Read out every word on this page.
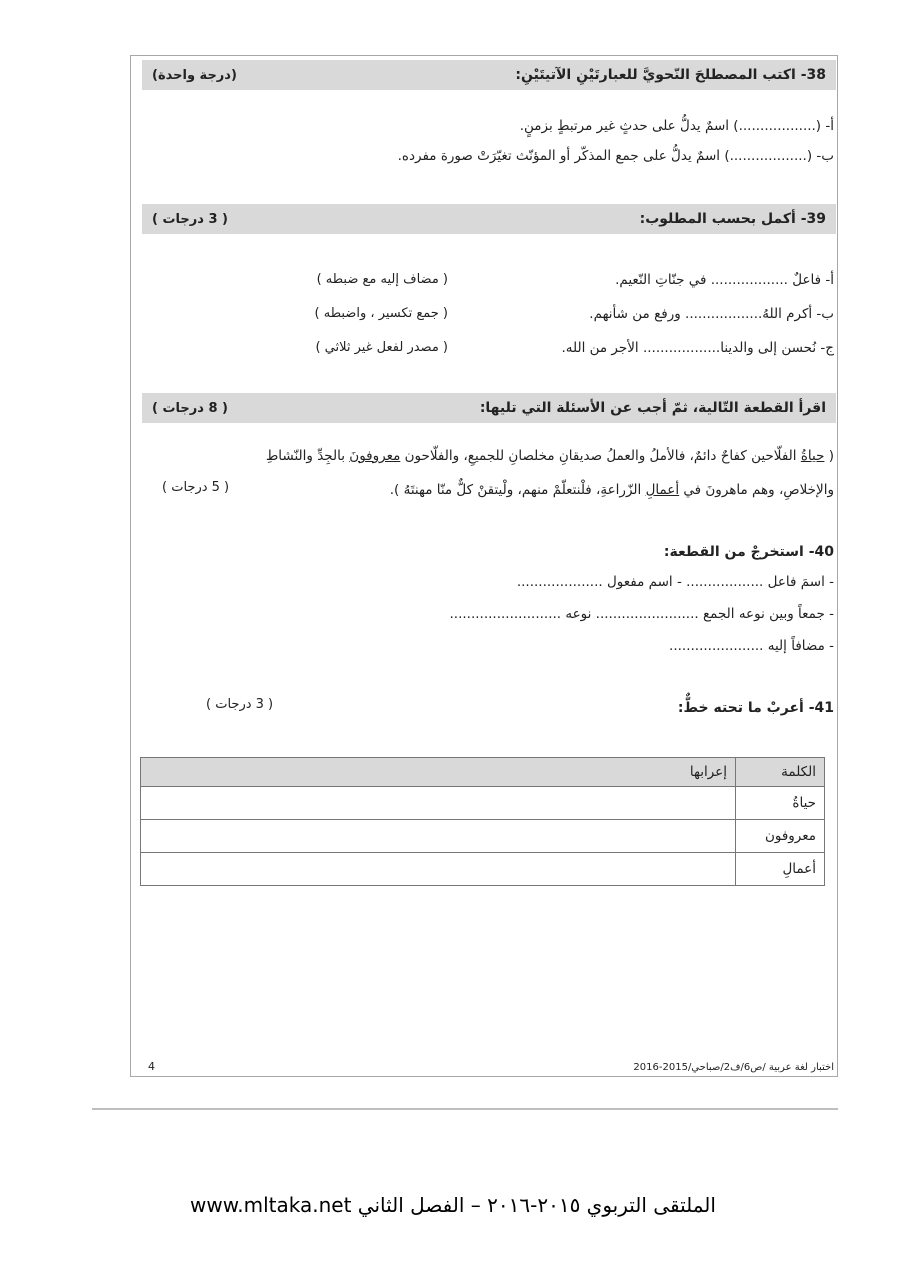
38- اكتب المصطلحَ النّحويَّ للعبارتَيْنِ الآتيتَيْنِ:
(درجة واحدة)
أ- (..................) اسمٌ يدلُّ على حدثٍ غير مرتبطٍ بزمنٍ.
ب- (..................) اسمٌ يدلُّ على جمع المذكّر أو المؤنّث تغيّرَتْ صورة مفرده.
39- أكمل بحسب المطلوب:
( 3 درجات )
أ- فاعلٌ .................. في جنّاتِ النّعيم.
( مضاف إليه مع ضبطه )
ب- أكرم اللهُ.................. ورفع من شأنهم.
( جمع تكسير ، واضبطه )
ج- نُحسن إلى والدينا.................. الأجر من الله.
( مصدر لفعل غير ثلاثي )
اقرأ القطعة التّالية، ثمّ أجب عن الأسئلة التي تليها:
( 8 درجات )
( حياةُ الفلّاحين كفاحٌ دائمٌ، فالأملُ والعملُ صديقانِ مخلصانِ للجميعِ، والفلّاحون معروفونَ بالجِدِّ والنّشاطِ
والإخلاصِ، وهم ماهرونَ في أعمالِ الزّراعةِ، فلْنتعلّمْ منهم، ولْيتقنْ كلٌّ منّا مهنتَهُ ).
( 5 درجات )
40- استخرجْ من القطعة:
- اسمَ فاعل .................. - اسم مفعول ....................
- جمعاً وبين نوعه الجمع ........................ نوعه ..........................
- مضافاً إليه ......................
41- أعربْ ما تحته خطٌّ:
( 3 درجات )
الكلمة	إعرابها
حياةُ	
معروفون	
أعمالِ	
4	اختبار لغة عربية /ص6/ف2/صباحي/2015-2016
الملتقى التربوي ٢٠١٥-٢٠١٦ – الفصل الثاني www.mltaka.net
